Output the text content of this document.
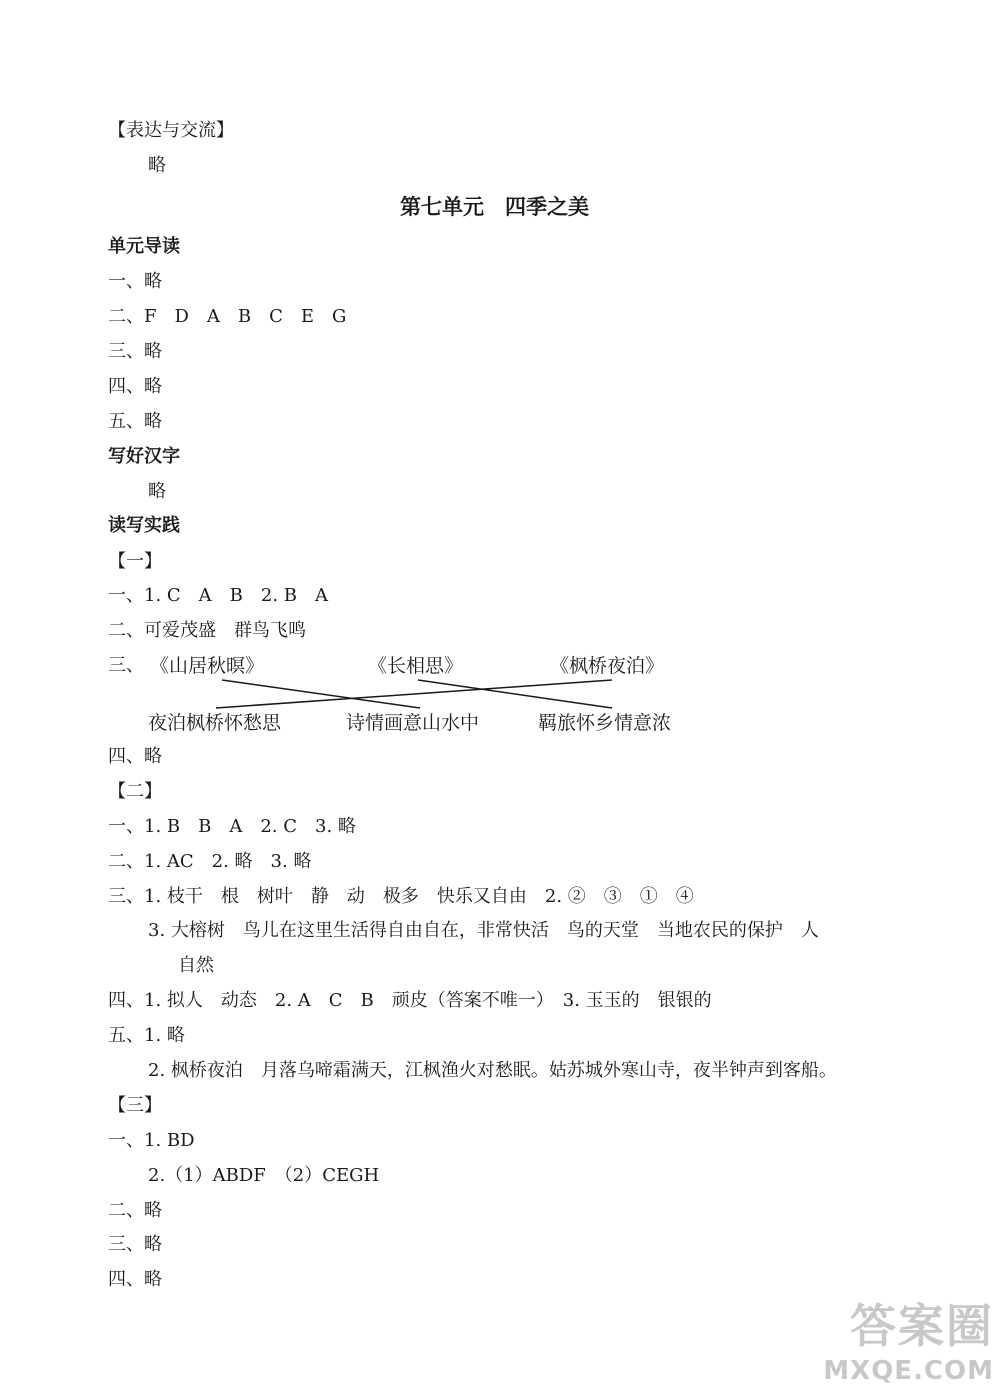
【表达与交流】
略
第七单元　四季之美
单元导读
一、略
二、F　D　A　B　C　E　G
三、略
四、略
五、略
写好汉字
略
读写实践
【一】
一、1. C　A　B　2. B　A
二、可爱茂盛　群鸟飞鸣
三、 《山居秋暝》	《长相思》	《枫桥夜泊》
夜泊枫桥怀愁思	诗情画意山水中	羁旅怀乡情意浓
四、略
【二】
一、1. B　B　A　2. C　3. 略
二、1. AC　2. 略　3. 略
三、1. 枝干　根　树叶　静　动　极多　快乐又自由　2. ②　③　①　④
3. 大榕树　鸟儿在这里生活得自由自在，非常快活　鸟的天堂　当地农民的保护　人
自然
四、1. 拟人　动态　2. A　C　B　顽皮（答案不唯一）　3. 玉玉的　银银的
五、1. 略
2. 枫桥夜泊　月落乌啼霜满天，江枫渔火对愁眠。姑苏城外寒山寺，夜半钟声到客船。
【三】
一、1. BD
2.（1）ABDF　（2）CEGH
二、略
三、略
四、略
答案圈
MXQE.COM
